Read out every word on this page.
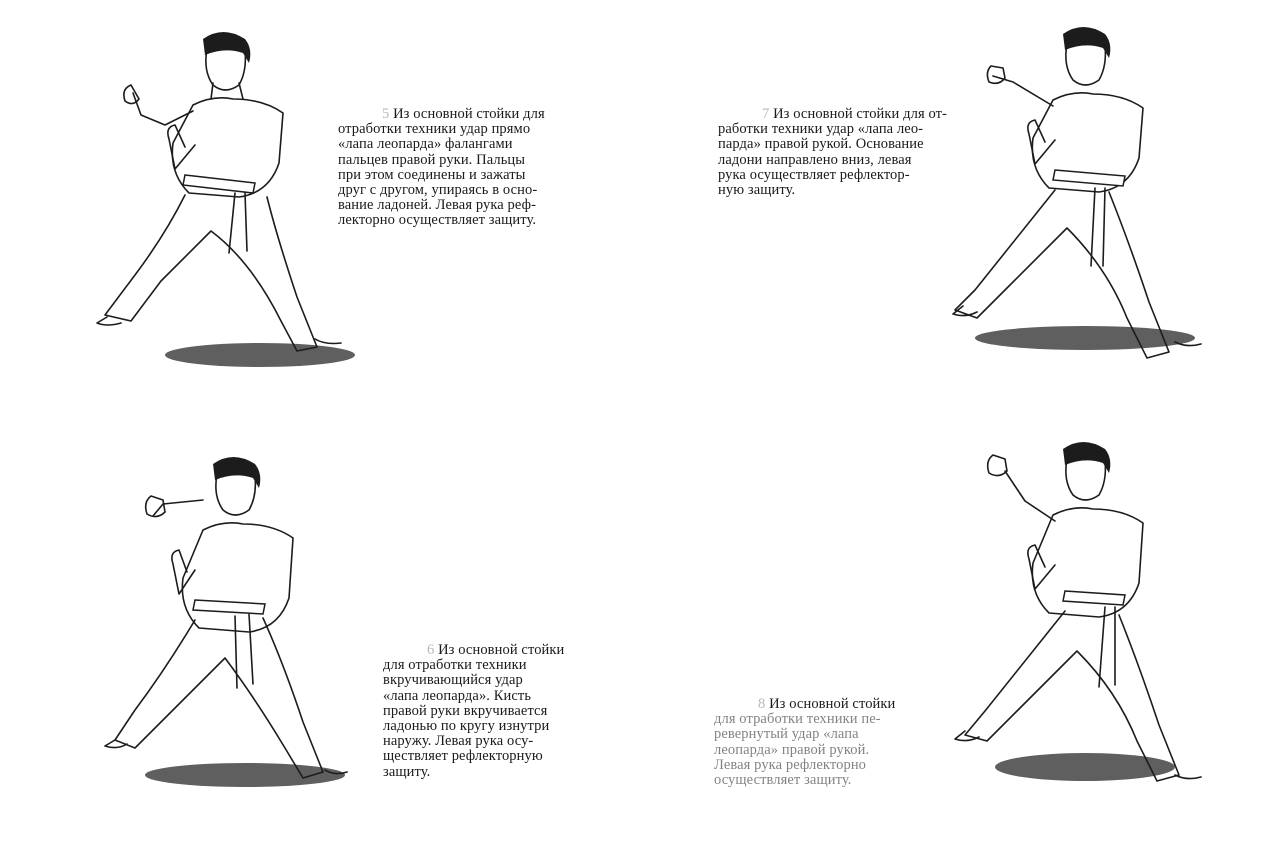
5 Из основной стойки для

отработки техники удар прямо

«лапа леопарда» фалангами

пальцев правой руки. Пальцы

при этом соединены и зажаты

друг с другом, упираясь в осно-

вание ладоней. Левая рука реф-

лекторно осуществляет защиту.

7 Из основной стойки для от-

работки техники удар «лапа лео-

парда» правой рукой. Основание

ладони направлено вниз, левая

рука осуществляет рефлектор-

ную защиту.

6 Из основной стойки

для отработки техники

вкручивающийся удар

«лапа леопарда». Кисть

правой руки вкручивается

ладонью по кругу изнутри

наружу. Левая рука осу-

ществляет рефлекторную

защиту.

8 Из основной стойки

для отработки техники пе-

ревернутый удар «лапа

леопарда» правой рукой.

Левая рука рефлекторно

осуществляет защиту.
